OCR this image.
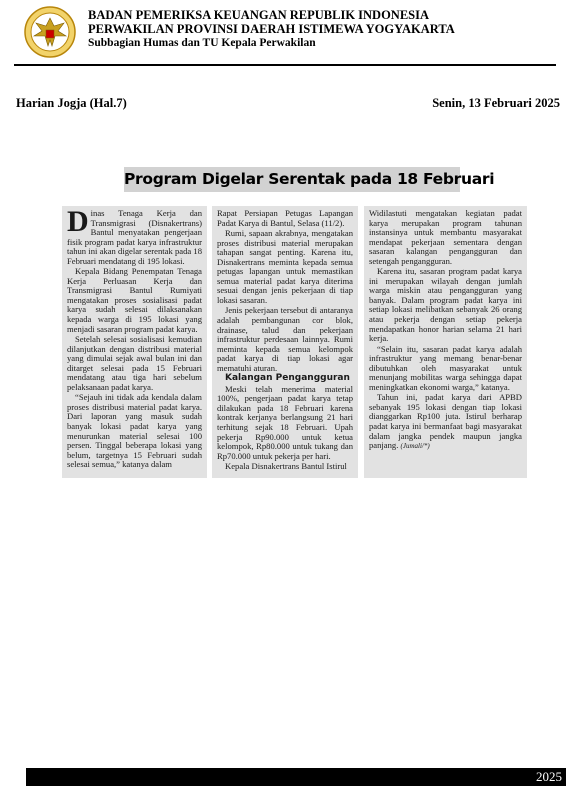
BADAN PEMERIKSA KEUANGAN REPUBLIK INDONESIA
PERWAKILAN PROVINSI DAERAH ISTIMEWA YOGYAKARTA
Subbagian Humas dan TU Kepala Perwakilan
Harian Jogja (Hal.7)	Senin, 13 Februari 2025
Program Digelar Serentak pada 18 Februari

Dinas Tenaga Kerja dan Transmigrasi (Disnakertrans) Bantul menyatakan pengerjaan fisik program padat karya infrastruktur tahun ini akan digelar serentak pada 18 Februari mendatang di 195 lokasi.

Kepala Bidang Penempatan Tenaga Kerja Perluasan Kerja dan Transmigrasi Bantul Rumiyati mengatakan proses sosialisasi padat karya sudah selesai dilaksanakan kepada warga di 195 lokasi yang menjadi sasaran program padat karya.

Setelah selesai sosialisasi kemudian dilanjutkan dengan distribusi material yang dimulai sejak awal bulan ini dan ditarget selesai pada 15 Februari mendatang atau tiga hari sebelum pelaksanaan padat karya.

“Sejauh ini tidak ada kendala dalam proses distribusi material padat karya. Dari laporan yang masuk sudah banyak lokasi padat karya yang menurunkan material selesai 100 persen. Tinggal beberapa lokasi yang belum, targetnya 15 Februari sudah selesai semua,” katanya dalam

Rapat Persiapan Petugas Lapangan Padat Karya di Bantul, Selasa (11/2).

Rumi, sapaan akrabnya, mengatakan proses distribusi material merupakan tahapan sangat penting. Karena itu, Disnakertrans meminta kepada semua petugas lapangan untuk memastikan semua material padat karya diterima sesuai dengan jenis pekerjaan di tiap lokasi sasaran.

Jenis pekerjaan tersebut di antaranya adalah pembangunan cor blok, drainase, talud dan pekerjaan infrastruktur perdesaan lainnya. Rumi meminta kepada semua kelompok padat karya di tiap lokasi agar mematuhi aturan.

Kalangan Pengangguran

Meski telah menerima material 100%, pengerjaan padat karya tetap dilakukan pada 18 Februari karena kontrak kerjanya berlangsung 21 hari terhitung sejak 18 Februari. Upah pekerja Rp90.000 untuk ketua kelompok, Rp80.000 untuk tukang dan Rp70.000 untuk pekerja per hari.

Kepala Disnakertrans Bantul Istirul

Widilastuti mengatakan kegiatan padat karya merupakan program tahunan instansinya untuk membantu masyarakat mendapat pekerjaan sementara dengan sasaran kalangan pengangguran dan setengah pengangguran.

Karena itu, sasaran program padat karya ini merupakan wilayah dengan jumlah warga miskin atau pengangguran yang banyak. Dalam program padat karya ini setiap lokasi melibatkan sebanyak 26 orang atau pekerja dengan setiap pekerja mendapatkan honor harian selama 21 hari kerja.

“Selain itu, sasaran padat karya adalah infrastruktur yang memang benar-benar dibutuhkan oleh masyarakat untuk menunjang mobilitas warga sehingga dapat meningkatkan ekonomi warga,” katanya.

Tahun ini, padat karya dari APBD sebanyak 195 lokasi dengan tiap lokasi dianggarkan Rp100 juta. Istirul berharap padat karya ini bermanfaat bagi masyarakat dalam jangka pendek maupun jangka panjang. (Jumali/*)

2025
